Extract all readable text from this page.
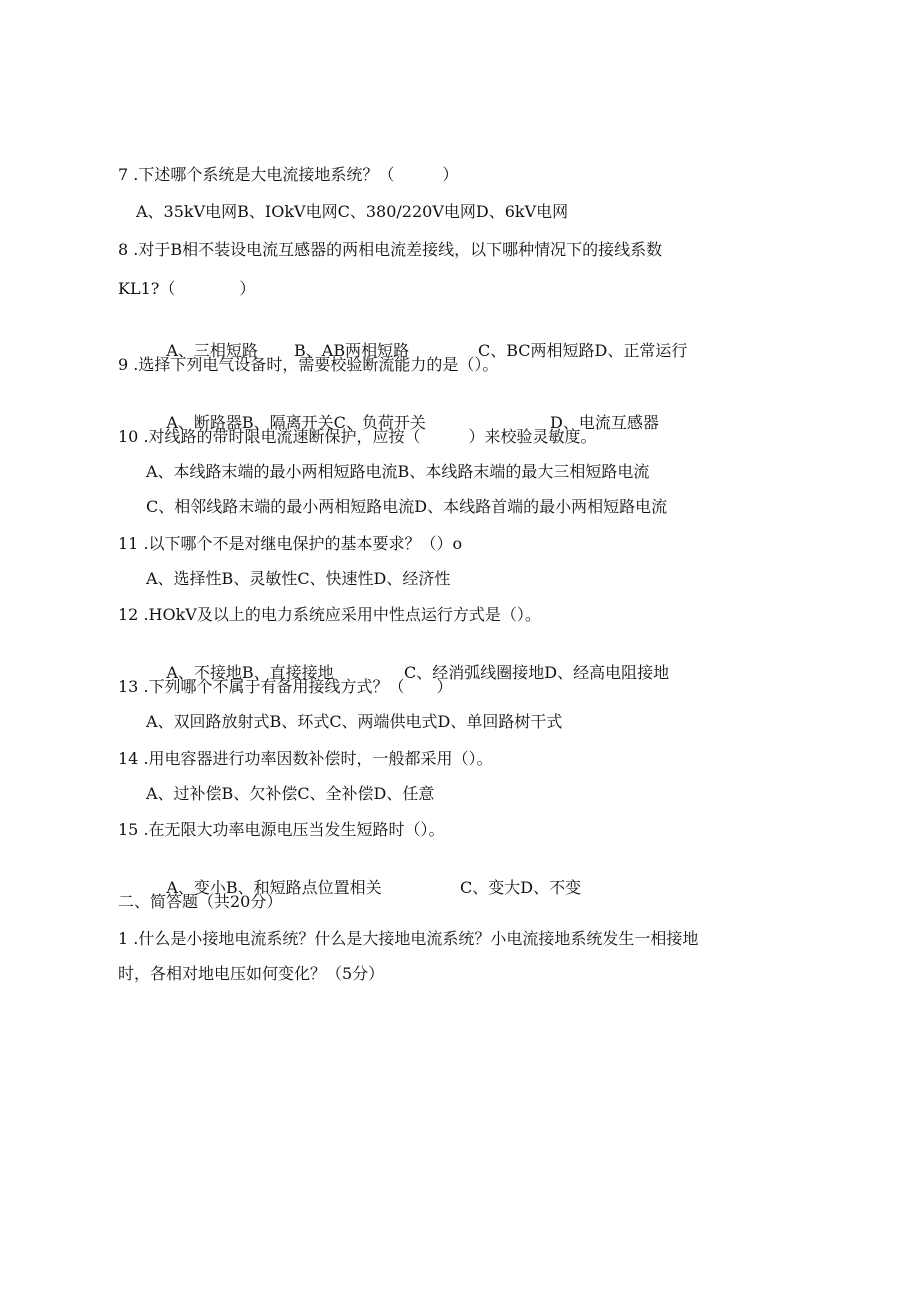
7 .下述哪个系统是大电流接地系统？（　　　）
A、35kV电网B、IOkV电网C、380/220V电网D、6kV电网
8 .对于B相不装设电流互感器的两相电流差接线，以下哪种情况下的接线系数
KL1?（　　　　）

A、三相短路 B、AB两相短路	C、BC两相短路D、正常运行

9 .选择下列电气设备时，需要校验断流能力的是（）。

A、断路器B、隔离开关C、负荷开关	D、电流互感器

10 .对线路的带时限电流速断保护，应按（　　　）来校验灵敏度。
A、本线路末端的最小两相短路电流B、本线路末端的最大三相短路电流
C、相邻线路末端的最小两相短路电流D、本线路首端的最小两相短路电流
11 .以下哪个不是对继电保护的基本要求？（）o
A、选择性B、灵敏性C、快速性D、经济性
12 .HOkV及以上的电力系统应采用中性点运行方式是（）。

A、不接地B、直接接地	C、经消弧线圈接地D、经高电阻接地

13 .下列哪个不属于有备用接线方式？（　　）
A、双回路放射式B、环式C、两端供电式D、单回路树干式
14 .用电容器进行功率因数补偿时，一般都采用（）。
A、过补偿B、欠补偿C、全补偿D、任意
15 .在无限大功率电源电压当发生短路时（）。

A、变小B、和短路点位置相关	C、变大D、不变

二、简答题（共20分）
1 .什么是小接地电流系统？什么是大接地电流系统？小电流接地系统发生一相接地
时，各相对地电压如何变化？（5分）
